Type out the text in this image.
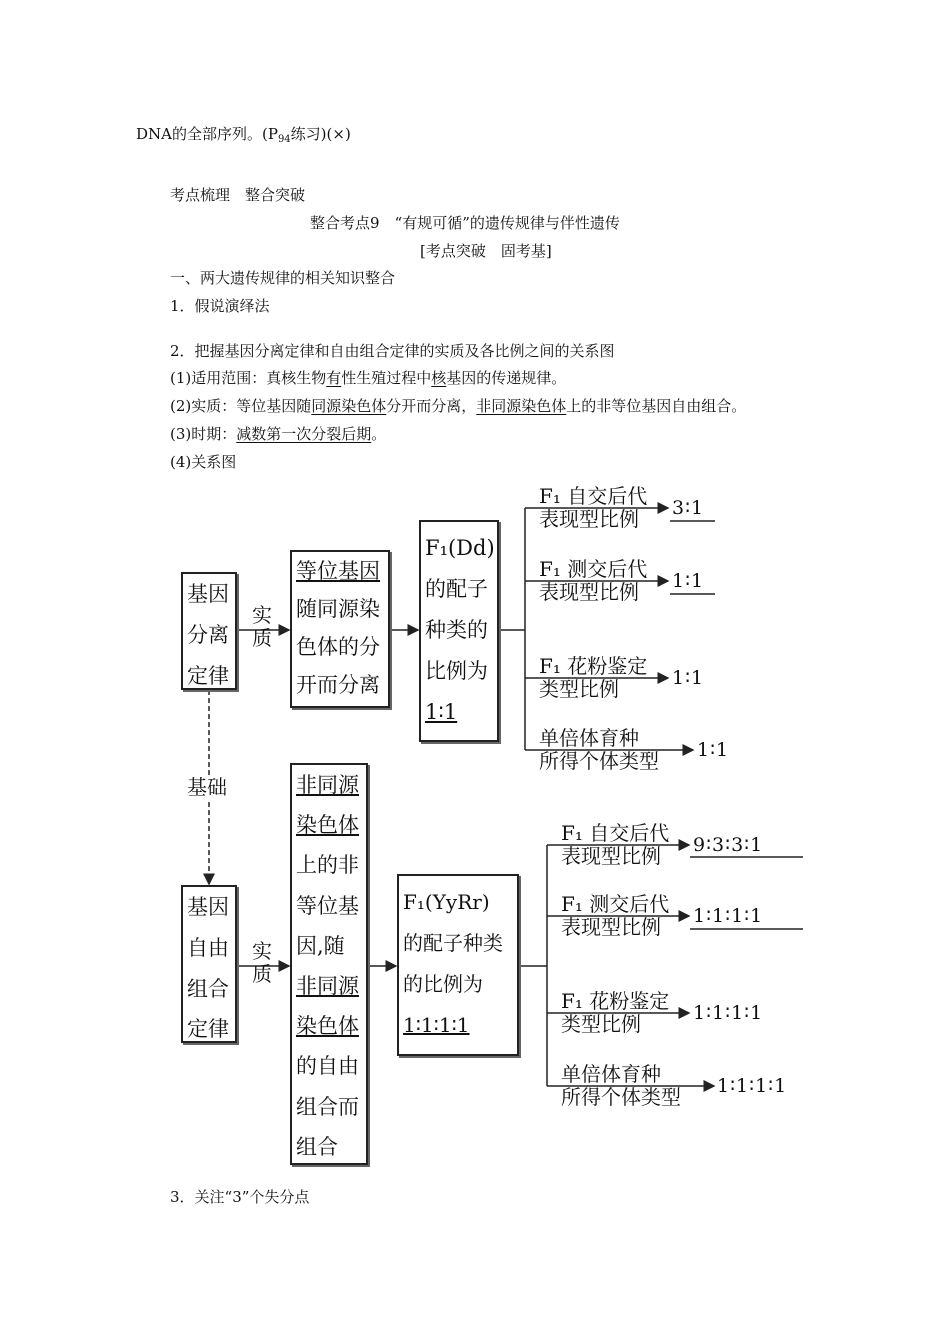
DNA的全部序列。($P_{94}$练习)(×)
考点梳理　整合突破
整合考点9　“有规可循”的遗传规律与伴性遗传
[考点突破　固考基]
一、两大遗传规律的相关知识整合
1．假说演绎法
2．把握基因分离定律和自由组合定律的实质及各比例之间的关系图
(1)适用范围：真核生物有性生殖过程中核基因的传递规律。
(2)实质：等位基因随同源染色体分开而分离，非同源染色体上的非等位基因自由组合。
(3)时期：减数第一次分裂后期。
(4)关系图
基因
分离
定律
基因
自由
组合
定律
实
质
实
质
基础
等位基因
随同源染
色体的分
开而分离
非同源
染色体
上的非
等位基
因,随
非同源
染色体
的自由
组合而
组合
F₁(Dd)
的配子
种类的
比例为
1∶1
F₁(YyRr)
的配子种类
的比例为
1∶1∶1∶1
F₁ 自交后代
表现型比例	3∶1
F₁ 测交后代
表现型比例	1∶1
F₁ 花粉鉴定
类型比例	1∶1
单倍体育种
所得个体类型 1∶1
F₁ 自交后代
表现型比例	9∶3∶3∶1
F₁ 测交后代
表现型比例	1∶1∶1∶1
F₁ 花粉鉴定
类型比例	1∶1∶1∶1
单倍体育种
所得个体类型 1∶1∶1∶1
3．关注“3”个失分点
